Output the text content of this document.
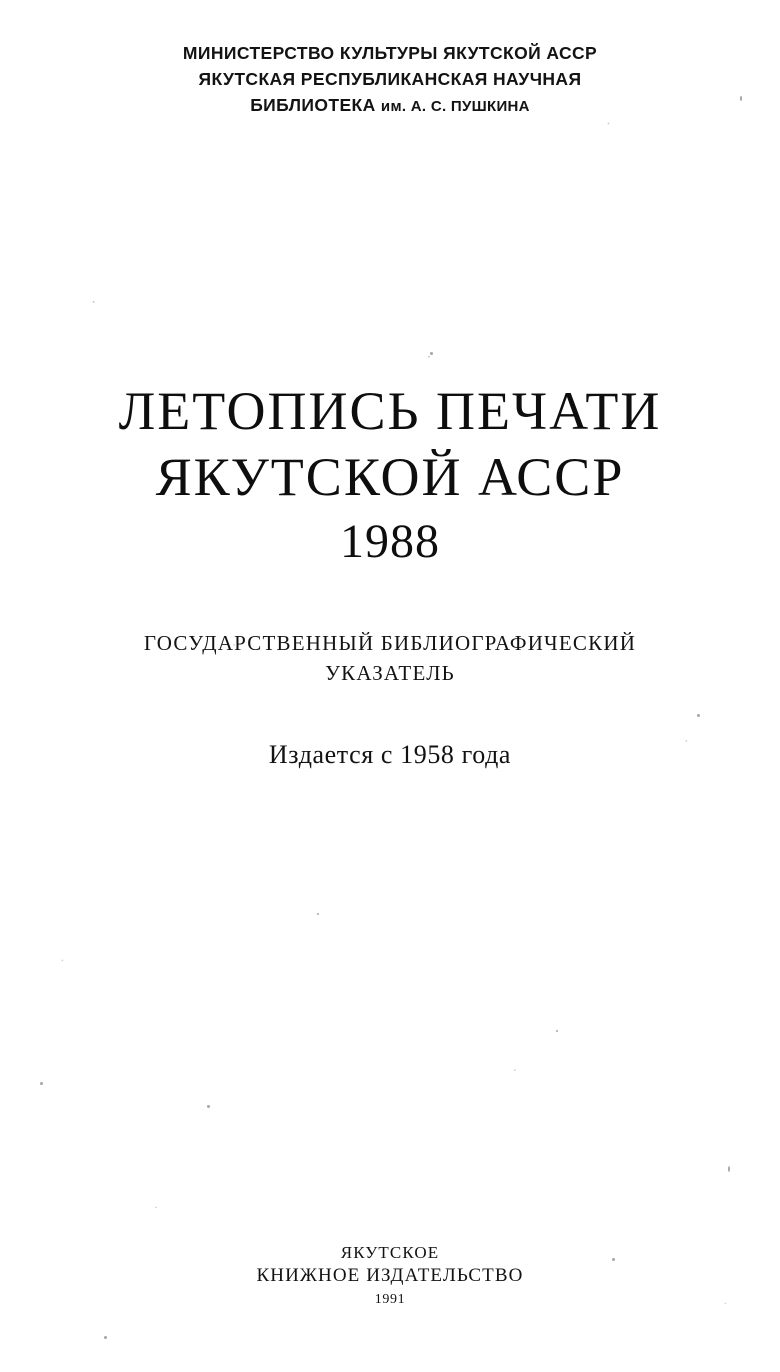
МИНИСТЕРСТВО КУЛЬТУРЫ ЯКУТСКОЙ АССР
ЯКУТСКАЯ РЕСПУБЛИКАНСКАЯ НАУЧНАЯ
БИБЛИОТЕКА им. А. С. ПУШКИНА
ЛЕТОПИСЬ ПЕЧАТИ
ЯКУТСКОЙ АССР
1988
ГОСУДАРСТВЕННЫЙ БИБЛИОГРАФИЧЕСКИЙ
УКАЗАТЕЛЬ
Издается с 1958 года
ЯКУТСКОЕ
КНИЖНОЕ ИЗДАТЕЛЬСТВО
1991
